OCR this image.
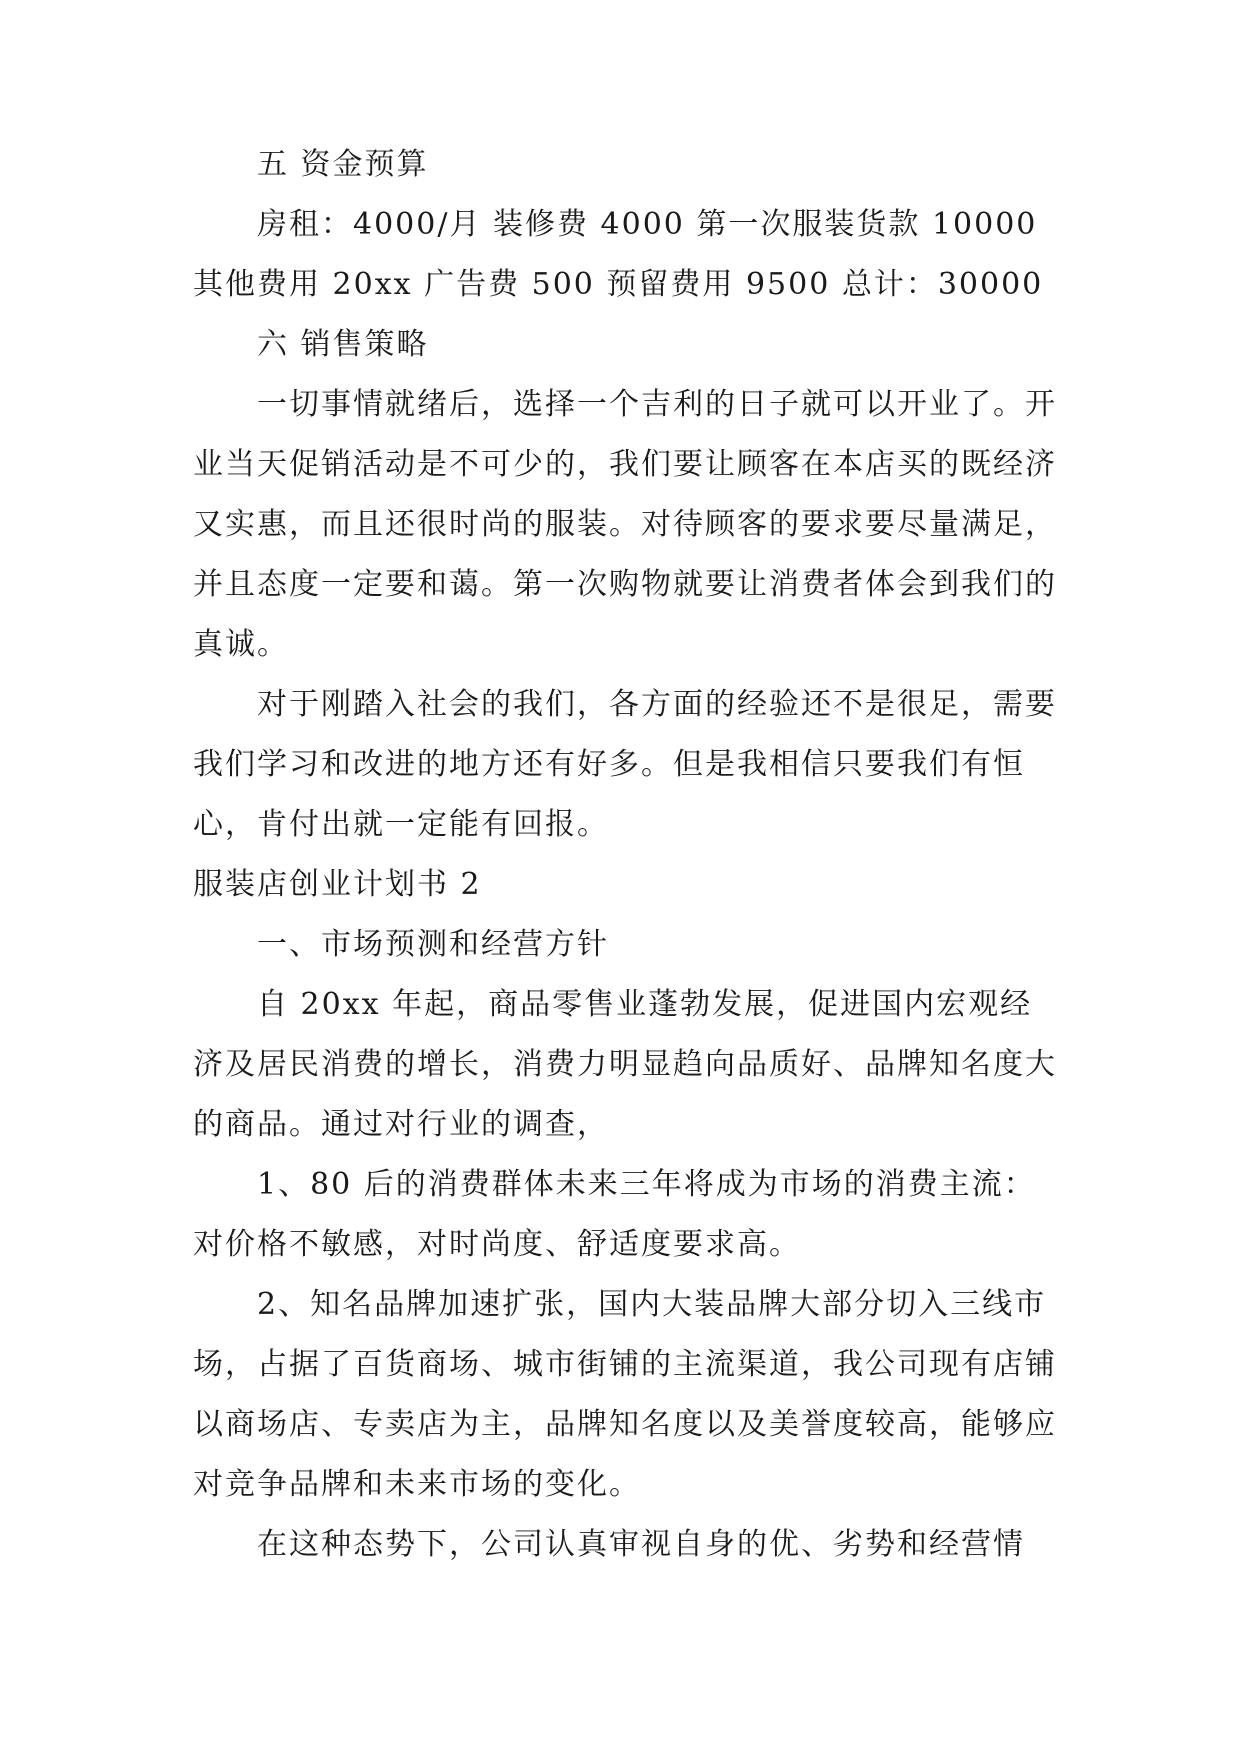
五 资金预算

房租：4000/月 装修费 4000 第一次服装货款 10000 其他费用 20xx 广告费 500 预留费用 9500 总计：30000

六 销售策略

一切事情就绪后，选择一个吉利的日子就可以开业了。开业当天促销活动是不可少的，我们要让顾客在本店买的既经济又实惠，而且还很时尚的服装。对待顾客的要求要尽量满足，并且态度一定要和蔼。第一次购物就要让消费者体会到我们的真诚。

对于刚踏入社会的我们，各方面的经验还不是很足，需要我们学习和改进的地方还有好多。但是我相信只要我们有恒心，肯付出就一定能有回报。

服装店创业计划书 2

一、市场预测和经营方针

自 20xx 年起，商品零售业蓬勃发展，促进国内宏观经济及居民消费的增长，消费力明显趋向品质好、品牌知名度大的商品。通过对行业的调查，

1、80 后的消费群体未来三年将成为市场的消费主流：对价格不敏感，对时尚度、舒适度要求高。

2、知名品牌加速扩张，国内大装品牌大部分切入三线市场，占据了百货商场、城市街铺的主流渠道，我公司现有店铺以商场店、专卖店为主，品牌知名度以及美誉度较高，能够应对竞争品牌和未来市场的变化。

在这种态势下，公司认真审视自身的优、劣势和经营情
